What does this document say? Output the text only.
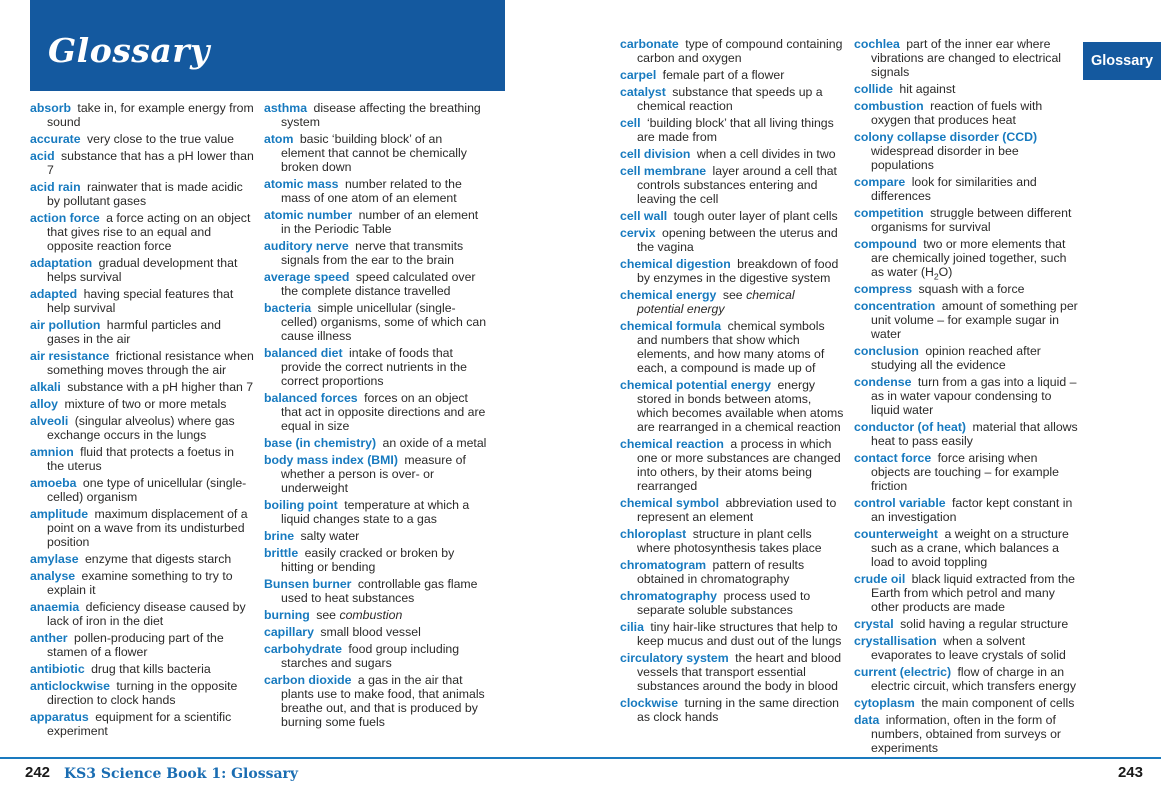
Glossary	Glossary
absorb take in, for example energy from sound
accurate very close to the true value
acid substance that has a pH lower than 7
acid rain rainwater that is made acidic by pollutant gases
action force a force acting on an object that gives rise to an equal and opposite reaction force
adaptation gradual development that helps survival
adapted having special features that help survival
air pollution harmful particles and gases in the air
air resistance frictional resistance when something moves through the air
alkali substance with a pH higher than 7
alloy mixture of two or more metals
alveoli (singular alveolus) where gas exchange occurs in the lungs
amnion fluid that protects a foetus in the uterus
amoeba one type of unicellular (single-celled) organism
amplitude maximum displacement of a point on a wave from its undisturbed position
amylase enzyme that digests starch
analyse examine something to try to explain it
anaemia deficiency disease caused by lack of iron in the diet
anther pollen-producing part of the stamen of a flower
antibiotic drug that kills bacteria
anticlockwise turning in the opposite direction to clock hands
apparatus equipment for a scientific experiment
asthma disease affecting the breathing system
atom basic ‘building block’ of an element that cannot be chemically broken down
atomic mass number related to the mass of one atom of an element
atomic number number of an element in the Periodic Table
auditory nerve nerve that transmits signals from the ear to the brain
average speed speed calculated over the complete distance travelled
bacteria simple unicellular (single-celled) organisms, some of which can cause illness
balanced diet intake of foods that provide the correct nutrients in the correct proportions
balanced forces forces on an object that act in opposite directions and are equal in size
base (in chemistry) an oxide of a metal
body mass index (BMI) measure of whether a person is over- or underweight
boiling point temperature at which a liquid changes state to a gas
brine salty water
brittle easily cracked or broken by hitting or bending
Bunsen burner controllable gas flame used to heat substances
burning see combustion
capillary small blood vessel
carbohydrate food group including starches and sugars
carbon dioxide a gas in the air that plants use to make food, that animals breathe out, and that is produced by burning some fuels
carbonate type of compound containing carbon and oxygen
carpel female part of a flower
catalyst substance that speeds up a chemical reaction
cell ‘building block’ that all living things are made from
cell division when a cell divides in two
cell membrane layer around a cell that controls substances entering and leaving the cell
cell wall tough outer layer of plant cells
cervix opening between the uterus and the vagina
chemical digestion breakdown of food by enzymes in the digestive system
chemical energy see chemical potential energy
chemical formula chemical symbols and numbers that show which elements, and how many atoms of each, a compound is made up of
chemical potential energy energy stored in bonds between atoms, which becomes available when atoms are rearranged in a chemical reaction
chemical reaction a process in which one or more substances are changed into others, by their atoms being rearranged
chemical symbol abbreviation used to represent an element
chloroplast structure in plant cells where photosynthesis takes place
chromatogram pattern of results obtained in chromatography
chromatography process used to separate soluble substances
cilia tiny hair-like structures that help to keep mucus and dust out of the lungs
circulatory system the heart and blood vessels that transport essential substances around the body in blood
clockwise turning in the same direction as clock hands
cochlea part of the inner ear where vibrations are changed to electrical signals
collide hit against
combustion reaction of fuels with oxygen that produces heat
colony collapse disorder (CCD) widespread disorder in bee populations
compare look for similarities and differences
competition struggle between different organisms for survival
compound two or more elements that are chemically joined together, such as water $(H_2O)$
compress squash with a force
concentration amount of something per unit volume – for example sugar in water
conclusion opinion reached after studying all the evidence
condense turn from a gas into a liquid – as in water vapour condensing to liquid water
conductor (of heat) material that allows heat to pass easily
contact force force arising when objects are touching – for example friction
control variable factor kept constant in an investigation
counterweight a weight on a structure such as a crane, which balances a load to avoid toppling
crude oil black liquid extracted from the Earth from which petrol and many other products are made
crystal solid having a regular structure
crystallisation when a solvent evaporates to leave crystals of solid
current (electric) flow of charge in an electric circuit, which transfers energy
cytoplasm the main component of cells
data information, often in the form of numbers, obtained from surveys or experiments
242 KS3 Science Book 1: Glossary	243
